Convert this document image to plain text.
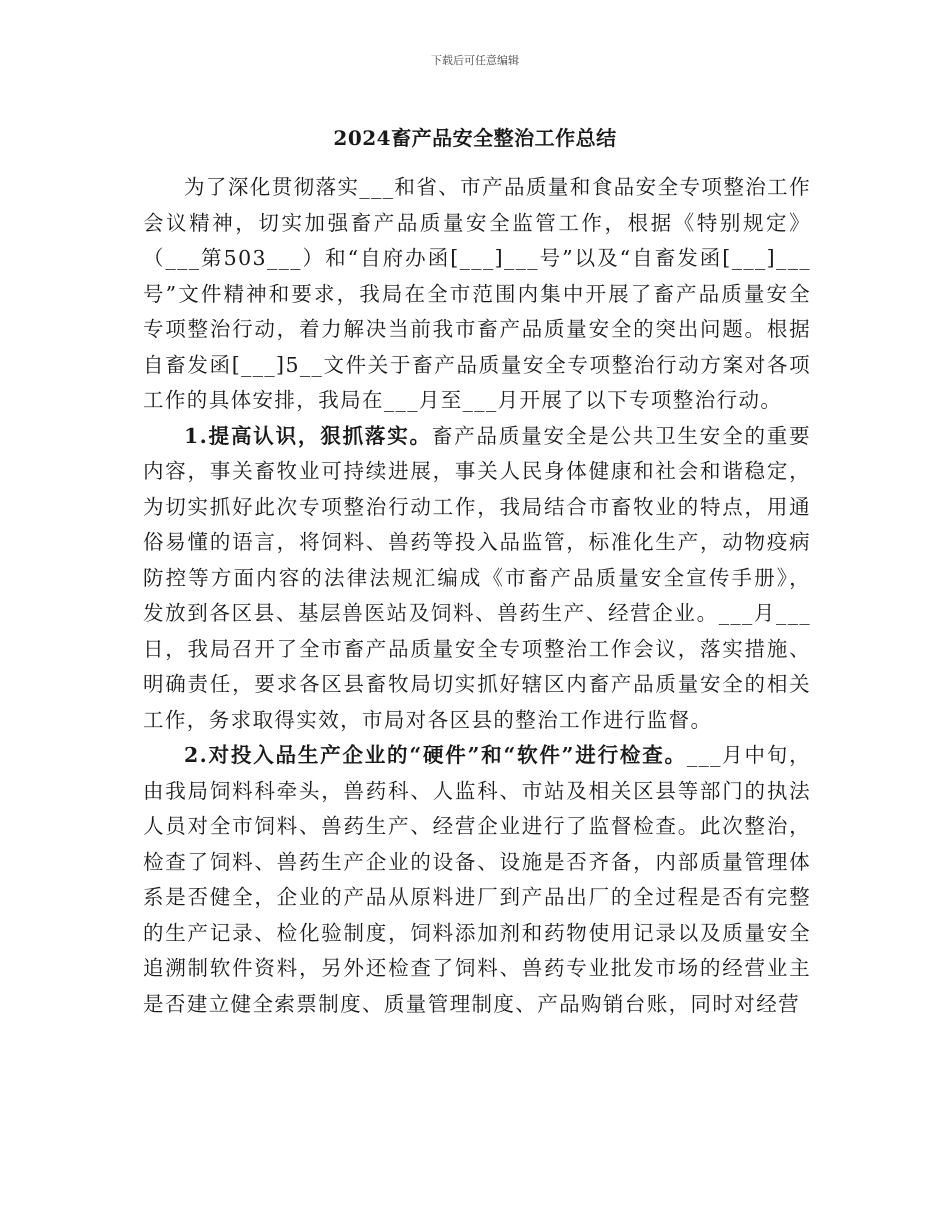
下载后可任意编辑
2024畜产品安全整治工作总结

为了深化贯彻落实___和省、市产品质量和食品安全专项整治工作会议精神，切实加强畜产品质量安全监管工作，根据《特别规定》（___第503___）和“自府办函[___]___号”以及“自畜发函[___]___号”文件精神和要求，我局在全市范围内集中开展了畜产品质量安全专项整治行动，着力解决当前我市畜产品质量安全的突出问题。根据自畜发函[___]5__文件关于畜产品质量安全专项整治行动方案对各项工作的具体安排，我局在___月至___月开展了以下专项整治行动。

1.提高认识，狠抓落实。畜产品质量安全是公共卫生安全的重要内容，事关畜牧业可持续进展，事关人民身体健康和社会和谐稳定，为切实抓好此次专项整治行动工作，我局结合市畜牧业的特点，用通俗易懂的语言，将饲料、兽药等投入品监管，标准化生产，动物疫病防控等方面内容的法律法规汇编成《市畜产品质量安全宣传手册》，发放到各区县、基层兽医站及饲料、兽药生产、经营企业。___月___日，我局召开了全市畜产品质量安全专项整治工作会议，落实措施、明确责任，要求各区县畜牧局切实抓好辖区内畜产品质量安全的相关工作，务求取得实效，市局对各区县的整治工作进行监督。

2.对投入品生产企业的“硬件”和“软件”进行检查。___月中旬，由我局饲料科牵头，兽药科、人监科、市站及相关区县等部门的执法人员对全市饲料、兽药生产、经营企业进行了监督检查。此次整治，检查了饲料、兽药生产企业的设备、设施是否齐备，内部质量管理体系是否健全，企业的产品从原料进厂到产品出厂的全过程是否有完整的生产记录、检化验制度，饲料添加剂和药物使用记录以及质量安全追溯制软件资料，另外还检查了饲料、兽药专业批发市场的经营业主是否建立健全索票制度、质量管理制度、产品购销台账，同时对经营
